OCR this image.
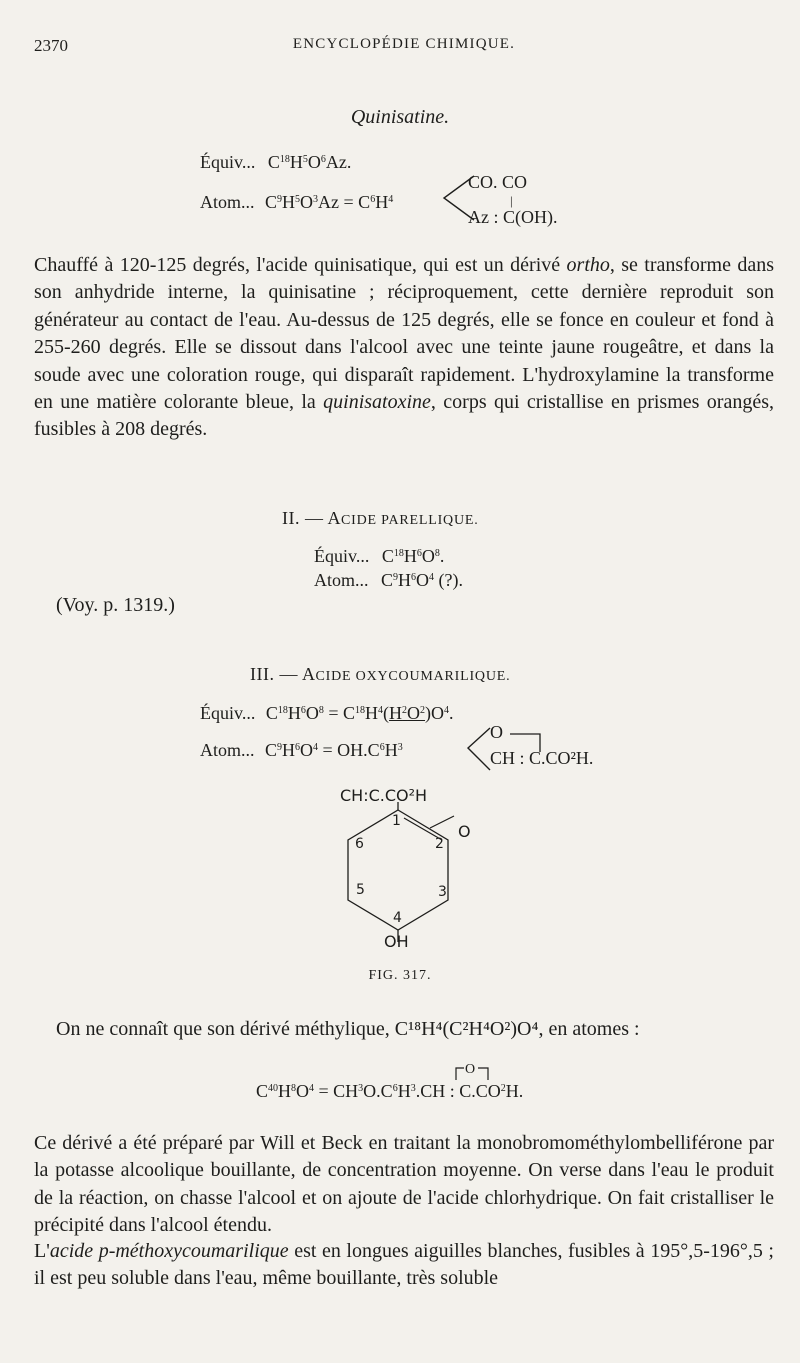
2370	ENCYCLOPÉDIE CHIMIQUE.
Quinisatine.
Équiv... $C^{18}H^5O^6Az$.
Atom... $C^9H^5O^3Az = C^6H^4$
CO. CO
|
Az : C(OH).
Chauffé à 120-125 degrés, l'acide quinisatique, qui est un dérivé ortho, se transforme dans son anhydride interne, la quinisatine ; réciproquement, cette dernière reproduit son générateur au contact de l'eau. Au-dessus de 125 degrés, elle se fonce en couleur et fond à 255-260 degrés. Elle se dissout dans l'alcool avec une teinte jaune rougeâtre, et dans la soude avec une coloration rouge, qui disparaît rapidement. L'hydroxylamine la transforme en une matière colorante bleue, la quinisatoxine, corps qui cristallise en prismes orangés, fusibles à 208 degrés.
II. — ACIDE PARELLIQUE.
Équiv... $C^{18}H^6O^8$.
Atom... $C^9H^6O^4$ (?).
(Voy. p. 1319.)
III. — ACIDE OXYCOUMARILIQUE.
Équiv... $C^{18}H^6O^8 = C^{18}H^4(H^2O^2)O^4$.
Atom... $C^9H^6O^4 = OH.C^6H^3$
O
CH : C.CO²H.
CH:C.CO²H
O
1
2
3
4
5
6
OH
FIG. 317.
On ne connaît que son dérivé méthylique, C¹⁸H⁴(C²H⁴O²)O⁴, en atomes :
O
$C^{40}H^8O^4 = CH^3O.C^6H^3.CH$ : $C.CO^2H$.
Ce dérivé a été préparé par Will et Beck en traitant la monobromométhylombelliférone par la potasse alcoolique bouillante, de concentration moyenne. On verse dans l'eau le produit de la réaction, on chasse l'alcool et on ajoute de l'acide chlorhydrique. On fait cristalliser le précipité dans l'alcool étendu.
L'acide p-méthoxycoumarilique est en longues aiguilles blanches, fusibles à 195°,5-196°,5 ; il est peu soluble dans l'eau, même bouillante, très soluble
